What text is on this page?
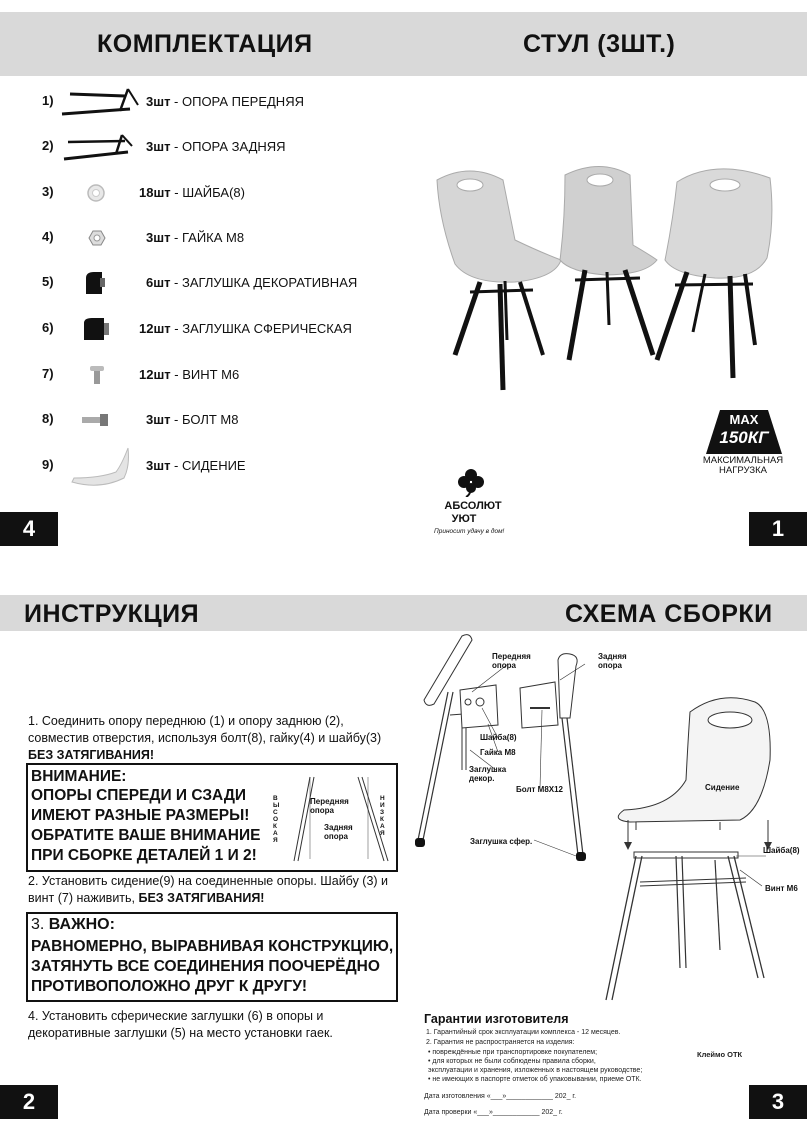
КОМПЛЕКТАЦИЯ	СТУЛ (3ШТ.)
1)	3шт - ОПОРА ПЕРЕДНЯЯ
2)	3шт - ОПОРА ЗАДНЯЯ
3)	18шт - ШАЙБА(8)
4)	3шт - ГАЙКА М8
5)	6шт - ЗАГЛУШКА ДЕКОРАТИВНАЯ
6)	12шт - ЗАГЛУШКА СФЕРИЧЕСКАЯ
7)	12шт - ВИНТ М6
8)	3шт - БОЛТ М8
9)	3шт - СИДЕНИЕ
MAX
150КГ
МАКСИМАЛЬНАЯ
НАГРУЗКА
АБСОЛЮТ
УЮТ
Приносит удачу в дом!
4	1
ИНСТРУКЦИЯ	СХЕМА СБОРКИ
1. Соединить опору переднюю (1) и опору заднюю (2),
совместив отверстия, используя болт(8), гайку(4) и шайбу(3)
БЕЗ ЗАТЯГИВАНИЯ!
ВНИМАНИЕ:
ОПОРЫ СПЕРЕДИ И СЗАДИ
ИМЕЮТ РАЗНЫЕ РАЗМЕРЫ!
ОБРАТИТЕ ВАШЕ ВНИМАНИЕ
ПРИ СБОРКЕ ДЕТАЛЕЙ 1 И 2!
ВЫСОКАЯ
НИЗКАЯ
Передняя
опора
Задняя
опора
2. Установить сидение(9) на соединенные опоры. Шайбу (3) и
винт (7) наживить, БЕЗ ЗАТЯГИВАНИЯ!
3. ВАЖНО:
РАВНОМЕРНО, ВЫРАВНИВАЯ КОНСТРУКЦИЮ,
ЗАТЯНУТЬ ВСЕ СОЕДИНЕНИЯ ПООЧЕРЁДНО
ПРОТИВОПОЛОЖНО ДРУГ К ДРУГУ!
4. Установить сферические заглушки (6) в опоры и
декоративные заглушки (5) на место установки гаек.
Передняя
опора
Задняя
опора
Шайба(8)
Гайка М8
Заглушка
декор.
Болт М8Х12
Заглушка сфер.
Сидение
Шайба(8)
Винт М6
Гарантии изготовителя
1. Гарантийный срок эксплуатации комплекса - 12 месяцев.
2. Гарантия не распространяется на изделия:
• повреждённые при транспортировке покупателем;
• для которых не были соблюдены правила сборки,
эксплуатации и хранения, изложенных в настоящем руководстве;
• не имеющих в паспорте отметок об упаковывании, приеме ОТК.
Клеймо ОТК
Дата изготовления «___»____________ 202_ г.
Дата проверки «___»____________ 202_ г.
2	3
